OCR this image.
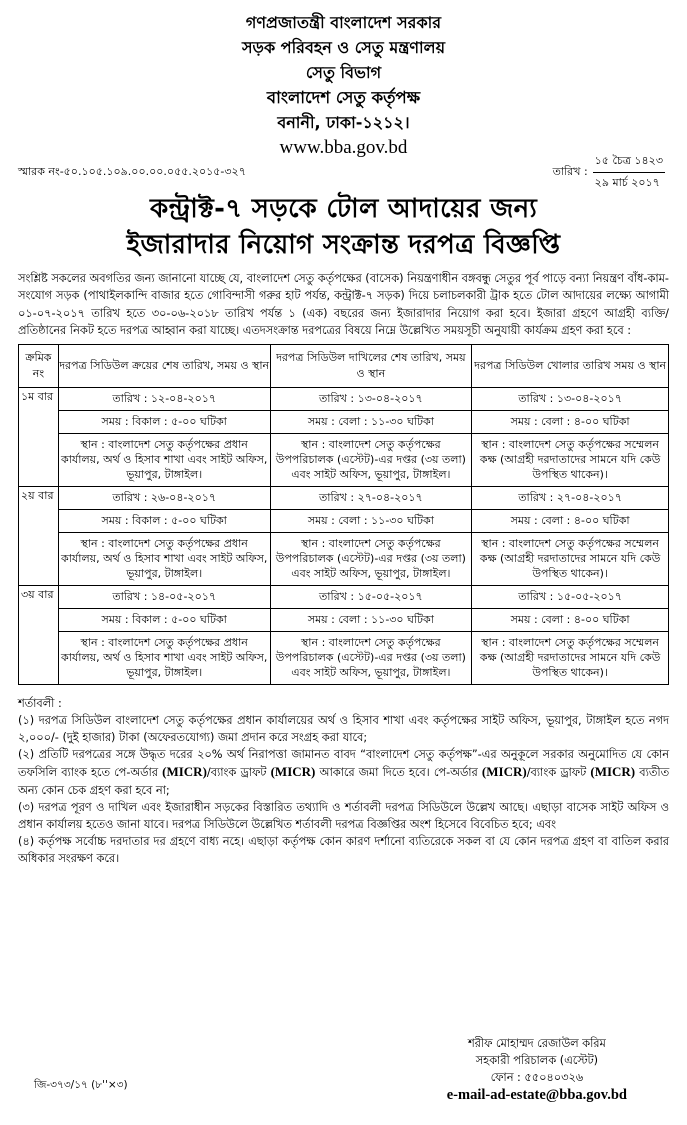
গণপ্রজাতন্ত্রী বাংলাদেশ সরকার
সড়ক পরিবহন ও সেতু মন্ত্রণালয়
সেতু বিভাগ
বাংলাদেশ সেতু কর্তৃপক্ষ
বনানী, ঢাকা-১২১২।
www.bba.gov.bd
স্মারক নং-৫০.১০৫.১০৯.০০.০০.০৫৫.২০১৫-৩২৭	তারিখ :
১৫ চৈত্র ১৪২৩
২৯ মার্চ ২০১৭
কন্ট্রাক্ট-৭ সড়কে টোল আদায়ের জন্য
ইজারাদার নিয়োগ সংক্রান্ত দরপত্র বিজ্ঞপ্তি
সংশ্লিষ্ট সকলের অবগতির জন্য জানানো যাচ্ছে যে, বাংলাদেশ সেতু কর্তৃপক্ষের (বাসেক) নিয়ন্ত্রণাধীন বঙ্গবন্ধু সেতুর পূর্ব পাড়ে বন্যা নিয়ন্ত্রণ বাঁধ-কাম-সংযোগ সড়ক (পাথাইলকান্দি বাজার হতে গোবিন্দাসী গরুর হাট পর্যন্ত, কন্ট্রাক্ট-৭ সড়ক) দিয়ে চলাচলকারী ট্রাক হতে টোল আদায়ের লক্ষ্যে আগামী ০১-০৭-২০১৭ তারিখ হতে ৩০-০৬-২০১৮ তারিখ পর্যন্ত ১ (এক) বছরের জন্য ইজারাদার নিয়োগ করা হবে। ইজারা গ্রহণে আগ্রহী ব্যক্তি/প্রতিষ্ঠানের নিকট হতে দরপত্র আহ্বান করা যাচ্ছে। এতদসংক্রান্ত দরপত্রের বিষয়ে নিম্নে উল্লেখিত সময়সূচী অনুযায়ী কার্যক্রম গ্রহণ করা হবে :
ক্রমিক নং	দরপত্র সিডিউল ক্রয়ের শেষ তারিখ, সময় ও স্থান	দরপত্র সিডিউল দাখিলের শেষ তারিখ, সময় ও স্থান	দরপত্র সিডিউল খোলার তারিখ সময় ও স্থান
১ম বার	তারিখ : ১২-০৪-২০১৭	তারিখ : ১৩-০৪-২০১৭	তারিখ : ১৩-০৪-২০১৭
	সময় : বিকাল : ৫-০০ ঘটিকা	সময় : বেলা : ১১-৩০ ঘটিকা	সময় : বেলা : ৪-০০ ঘটিকা
	স্থান : বাংলাদেশ সেতু কর্তৃপক্ষের প্রধান কার্যালয়, অর্থ ও হিসাব শাখা এবং সাইট অফিস, ভূয়াপুর, টাঙ্গাইল।	স্থান : বাংলাদেশ সেতু কর্তৃপক্ষের উপপরিচালক (এস্টেট)-এর দপ্তর (৩য় তলা) এবং সাইট অফিস, ভূয়াপুর, টাঙ্গাইল।	স্থান : বাংলাদেশ সেতু কর্তৃপক্ষের সম্মেলন কক্ষ (আগ্রহী দরদাতাদের সামনে যদি কেউ উপস্থিত থাকেন)।
২য় বার	তারিখ : ২৬-০৪-২০১৭	তারিখ : ২৭-০৪-২০১৭	তারিখ : ২৭-০৪-২০১৭
	সময় : বিকাল : ৫-০০ ঘটিকা	সময় : বেলা : ১১-৩০ ঘটিকা	সময় : বেলা : ৪-০০ ঘটিকা
	স্থান : বাংলাদেশ সেতু কর্তৃপক্ষের প্রধান কার্যালয়, অর্থ ও হিসাব শাখা এবং সাইট অফিস, ভূয়াপুর, টাঙ্গাইল।	স্থান : বাংলাদেশ সেতু কর্তৃপক্ষের উপপরিচালক (এস্টেট)-এর দপ্তর (৩য় তলা) এবং সাইট অফিস, ভূয়াপুর, টাঙ্গাইল।	স্থান : বাংলাদেশ সেতু কর্তৃপক্ষের সম্মেলন কক্ষ (আগ্রহী দরদাতাদের সামনে যদি কেউ উপস্থিত থাকেন)।
৩য় বার	তারিখ : ১৪-০৫-২০১৭	তারিখ : ১৫-০৫-২০১৭	তারিখ : ১৫-০৫-২০১৭
	সময় : বিকাল : ৫-০০ ঘটিকা	সময় : বেলা : ১১-৩০ ঘটিকা	সময় : বেলা : ৪-০০ ঘটিকা
	স্থান : বাংলাদেশ সেতু কর্তৃপক্ষের প্রধান কার্যালয়, অর্থ ও হিসাব শাখা এবং সাইট অফিস, ভূয়াপুর, টাঙ্গাইল।	স্থান : বাংলাদেশ সেতু কর্তৃপক্ষের উপপরিচালক (এস্টেট)-এর দপ্তর (৩য় তলা) এবং সাইট অফিস, ভূয়াপুর, টাঙ্গাইল।	স্থান : বাংলাদেশ সেতু কর্তৃপক্ষের সম্মেলন কক্ষ (আগ্রহী দরদাতাদের সামনে যদি কেউ উপস্থিত থাকেন)।
শর্তাবলী :
(১) দরপত্র সিডিউল বাংলাদেশ সেতু কর্তৃপক্ষের প্রধান কার্যালয়ের অর্থ ও হিসাব শাখা এবং কর্তৃপক্ষের সাইট অফিস, ভূয়াপুর, টাঙ্গাইল হতে নগদ ২,০০০/- (দুই হাজার) টাকা (অফেরতযোগ্য) জমা প্রদান করে সংগ্রহ করা যাবে;
(২) প্রতিটি দরপত্রের সঙ্গে উদ্ধৃত দরের ২০% অর্থ নিরাপত্তা জামানত বাবদ “বাংলাদেশ সেতু কর্তৃপক্ষ”-এর অনুকূলে সরকার অনুমোদিত যে কোন তফসিলি ব্যাংক হতে পে-অর্ডার (MICR)/ব্যাংক ড্রাফট (MICR) আকারে জমা দিতে হবে। পে-অর্ডার (MICR)/ব্যাংক ড্রাফট (MICR) ব্যতীত অন্য কোন চেক গ্রহণ করা হবে না;
(৩) দরপত্র পূরণ ও দাখিল এবং ইজারাধীন সড়কের বিস্তারিত তথ্যাদি ও শর্তাবলী দরপত্র সিডিউলে উল্লেখ আছে। এছাড়া বাসেক সাইট অফিস ও প্রধান কার্যালয় হতেও জানা যাবে। দরপত্র সিডিউলে উল্লেখিত শর্তাবলী দরপত্র বিজ্ঞপ্তির অংশ হিসেবে বিবেচিত হবে; এবং
(৪) কর্তৃপক্ষ সর্বোচ্চ দরদাতার দর গ্রহণে বাধ্য নহে। এছাড়া কর্তৃপক্ষ কোন কারণ দর্শানো ব্যতিরেকে সকল বা যে কোন দরপত্র গ্রহণ বা বাতিল করার অধিকার সংরক্ষণ করে।
শরীফ মোহাম্মদ রেজাউল করিম
সহকারী পরিচালক (এস্টেট)
ফোন : ৫৫০৪০৩২৬
e-mail-ad-estate@bba.gov.bd
জি-৩৭৩/১৭ (৮''×৩)
